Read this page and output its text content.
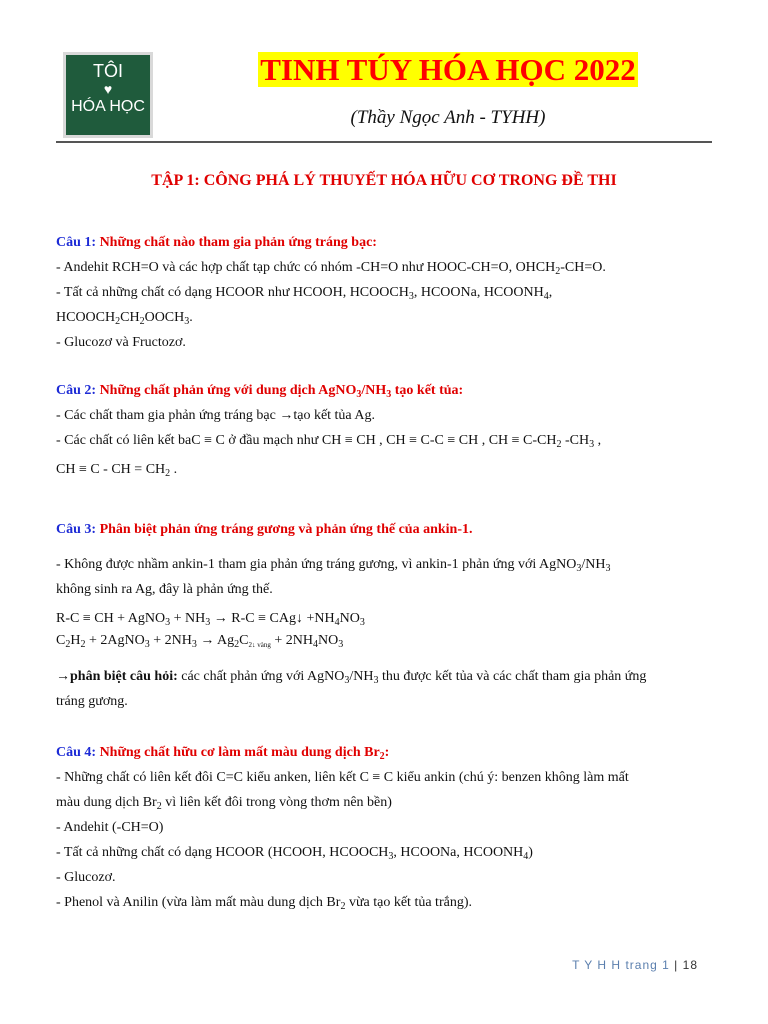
TÔI
♥
HÓA HỌC
TINH TÚY HÓA HỌC 2022
(Thầy Ngọc Anh - TYHH)
TẬP 1: CÔNG PHÁ LÝ THUYẾT HÓA HỮU CƠ TRONG ĐỀ THI
Câu 1: Những chất nào tham gia phản ứng tráng bạc:
- Andehit RCH=O và các hợp chất tạp chức có nhóm -CH=O như HOOC-CH=O, $OHCH_2-CH=O$.
- Tất cả những chất có dạng HCOOR như HCOOH, $HCOOCH_3$, HCOONa, $HCOONH_4$,
$HCOOCH_2CH_2OOCH_3$.
- Glucozơ và Fructozơ.
Câu 2: Những chất phản ứng với dung dịch $AgNO_3/NH_3$ tạo kết tủa:
- Các chất tham gia phản ứng tráng bạc →tạo kết tủa Ag.
- Các chất có liên kết baC ≡ C ở đầu mạch như CH ≡ CH , CH ≡ C-C ≡ CH , CH ≡ $C-CH_2$ $-CH_3$ ,
CH ≡ C - CH = $CH_2$ .
Câu 3: Phân biệt phản ứng tráng gương và phản ứng thế của ankin-1.
- Không được nhầm ankin-1 tham gia phản ứng tráng gương, vì ankin-1 phản ứng với $AgNO_3/NH_3$
không sinh ra Ag, đây là phản ứng thế.
R-C ≡ CH + AgNO$_3$ + $NH_3 \to R-C$ ≡ CAg↓ $+NH_4NO_3$
$C_2H_2$ + 2AgNO$_3$ + $2NH_3 \to Ag_2C_{2↓ vàng} + 2NH_4NO_3$
→phân biệt câu hỏi: các chất phản ứng với $AgNO_3/NH_3$ thu được kết tủa và các chất tham gia phản ứng
tráng gương.
Câu 4: Những chất hữu cơ làm mất màu dung dịch $Br_2$:
- Những chất có liên kết đôi C=C kiểu anken, liên kết C ≡ C kiểu ankin (chú ý: benzen không làm mất
màu dung dịch $Br_2$ vì liên kết đôi trong vòng thơm nên bền)
- Andehit (-CH=O)
- Tất cả những chất có dạng HCOOR (HCOOH, $HCOOCH_3$, HCOONa, $HCOONH_4$)
- Glucozơ.
- Phenol và Anilin (vừa làm mất màu dung dịch $Br_2$ vừa tạo kết tủa trắng).
T Y H H trang 1 | 18
